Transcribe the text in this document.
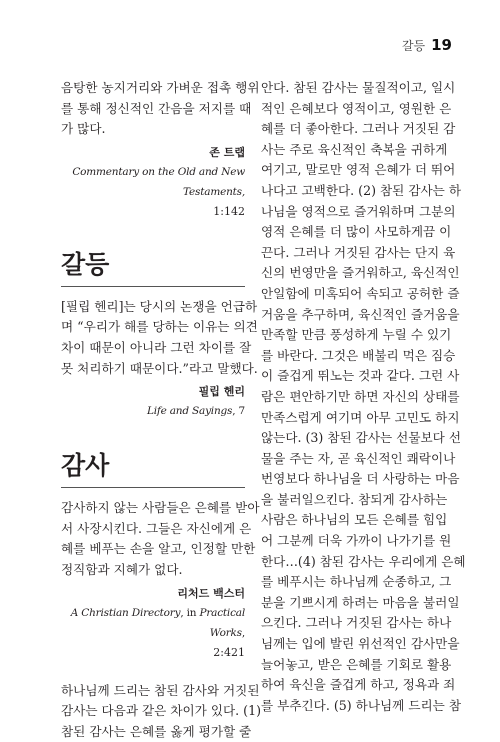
갈등 19

음탕한 농지거리와 가벼운 접촉 행위
를 통해 정신적인 간음을 저지를 때
가 많다.

존 트랩

Commentary on the Old and New Testaments,

1:142

갈등

[필립 헨리]는 당시의 논쟁을 언급하
며 “우리가 해를 당하는 이유는 의견
차이 때문이 아니라 그런 차이를 잘
못 처리하기 때문이다.”라고 말했다.

필립 헨리

Life and Sayings, 7

감사

감사하지 않는 사람들은 은혜를 받아
서 사장시킨다. 그들은 자신에게 은
혜를 베푸는 손을 알고, 인정할 만한
정직함과 지혜가 없다.

리처드 백스터

A Christian Directory, in Practical Works,

2:421

하나님께 드리는 참된 감사와 거짓된
감사는 다음과 같은 차이가 있다. (1)
참된 감사는 은혜를 옳게 평가할 줄

안다. 참된 감사는 물질적이고, 일시
적인 은혜보다 영적이고, 영원한 은
혜를 더 좋아한다. 그러나 거짓된 감
사는 주로 육신적인 축복을 귀하게
여기고, 말로만 영적 은혜가 더 뛰어
나다고 고백한다. (2) 참된 감사는 하
나님을 영적으로 즐거워하며 그분의
영적 은혜를 더 많이 사모하게끔 이
끈다. 그러나 거짓된 감사는 단지 육
신의 번영만을 즐거워하고, 육신적인
안일함에 미혹되어 속되고 공허한 즐
거움을 추구하며, 육신적인 즐거움을
만족할 만큼 풍성하게 누릴 수 있기
를 바란다. 그것은 배불리 먹은 짐승
이 즐겁게 뛰노는 것과 같다. 그런 사
람은 편안하기만 하면 자신의 상태를
만족스럽게 여기며 아무 고민도 하지
않는다. (3) 참된 감사는 선물보다 선
물을 주는 자, 곧 육신적인 쾌락이나
번영보다 하나님을 더 사랑하는 마음
을 불러일으킨다. 참되게 감사하는
사람은 하나님의 모든 은혜를 힘입
어 그분께 더욱 가까이 나가기를 원
한다…(4) 참된 감사는 우리에게 은혜
를 베푸시는 하나님께 순종하고, 그
분을 기쁘시게 하려는 마음을 불러일
으킨다. 그러나 거짓된 감사는 하나
님께는 입에 발린 위선적인 감사만을
늘어놓고, 받은 은혜를 기회로 활용
하여 육신을 즐겁게 하고, 정욕과 죄
를 부추긴다. (5) 하나님께 드리는 참
